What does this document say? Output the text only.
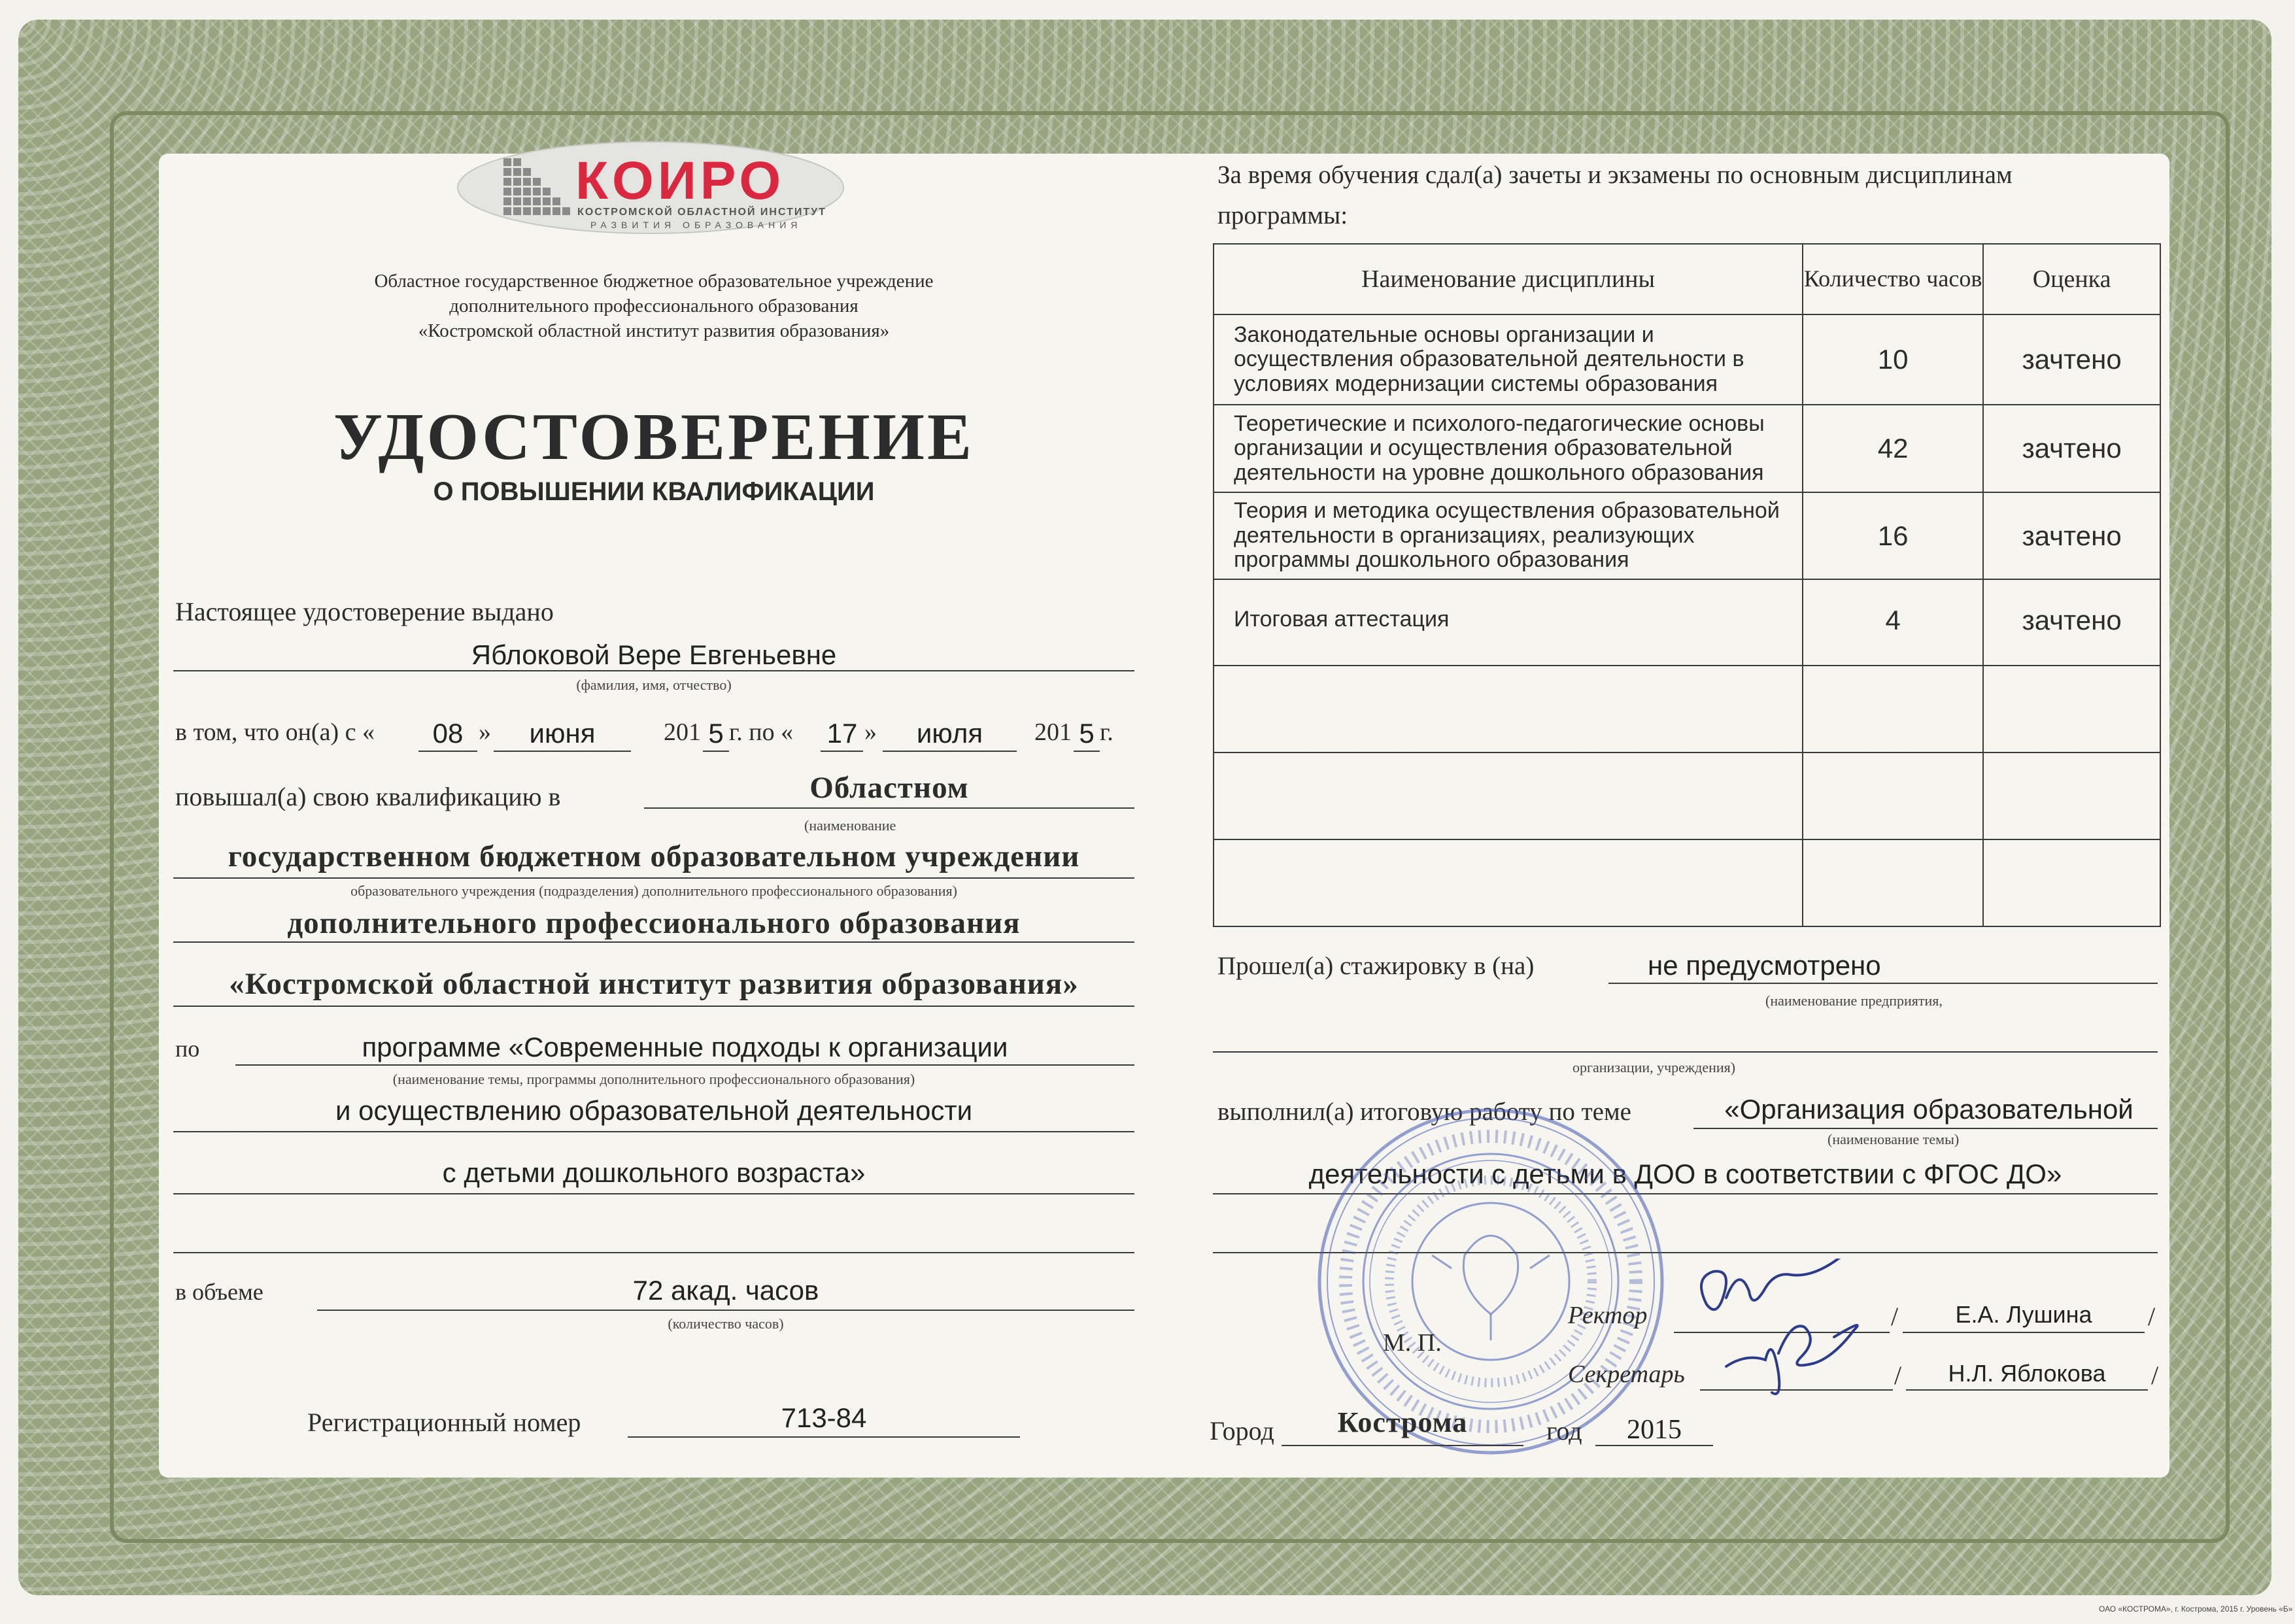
КОИРО
КОСТРОМСКОЙ ОБЛАСТНОЙ ИНСТИТУТ
РАЗВИТИЯ ОБРАЗОВАНИЯ
Областное государственное бюджетное образовательное учреждение
дополнительного профессионального образования
«Костромской областной институт развития образования»
УДОСТОВЕРЕНИЕ
О ПОВЫШЕНИИ КВАЛИФИКАЦИИ
Настоящее удостоверение выдано
Яблоковой Вере Евгеньевне
(фамилия, имя, отчество)
в том, что он(а) с «	08 »	июня	201 5 г. по « 17 »	июля	201 5 г.
повышал(а) свою квалификацию в	Областном
(наименование
государственном бюджетном образовательном учреждении
образовательного учреждения (подразделения) дополнительного профессионального образования)
дополнительного профессионального образования
«Костромской областной институт развития образования»
по	программе «Современные подходы к организации
(наименование темы, программы дополнительного профессионального образования)
и осуществлению образовательной деятельности
с детьми дошкольного возраста»
в объеме	72 акад. часов
(количество часов)
Регистрационный номер	713-84
За время обучения сдал(а) зачеты и экзамены по основным дисциплинам
программы:
Наименование дисциплины	Количество часов	Оценка
Законодательные основы организации и осуществления образовательной деятельности в условиях модернизации системы образования	10	зачтено
Теоретические и психолого-педагогические основы организации и осуществления образовательной деятельности на уровне дошкольного образования	42	зачтено
Теория и методика осуществления образовательной деятельности в организациях, реализующих программы дошкольного образования	16	зачтено
Итоговая аттестация	4	зачтено

Прошел(а) стажировку в (на)	не предусмотрено
(наименование предприятия,
организации, учреждения)
выполнил(а) итоговую работу по теме	«Организация образовательной
(наименование темы)
деятельности с детьми в ДОО в соответствии с ФГОС ДО»
М. П.
Ректор	/	Е.А. Лушина	/
Секретарь	/	Н.Л. Яблокова	/
Город	Кострома	год	2015
ОАО «КОСТРОМА», г. Кострома, 2015 г. Уровень «Б»
